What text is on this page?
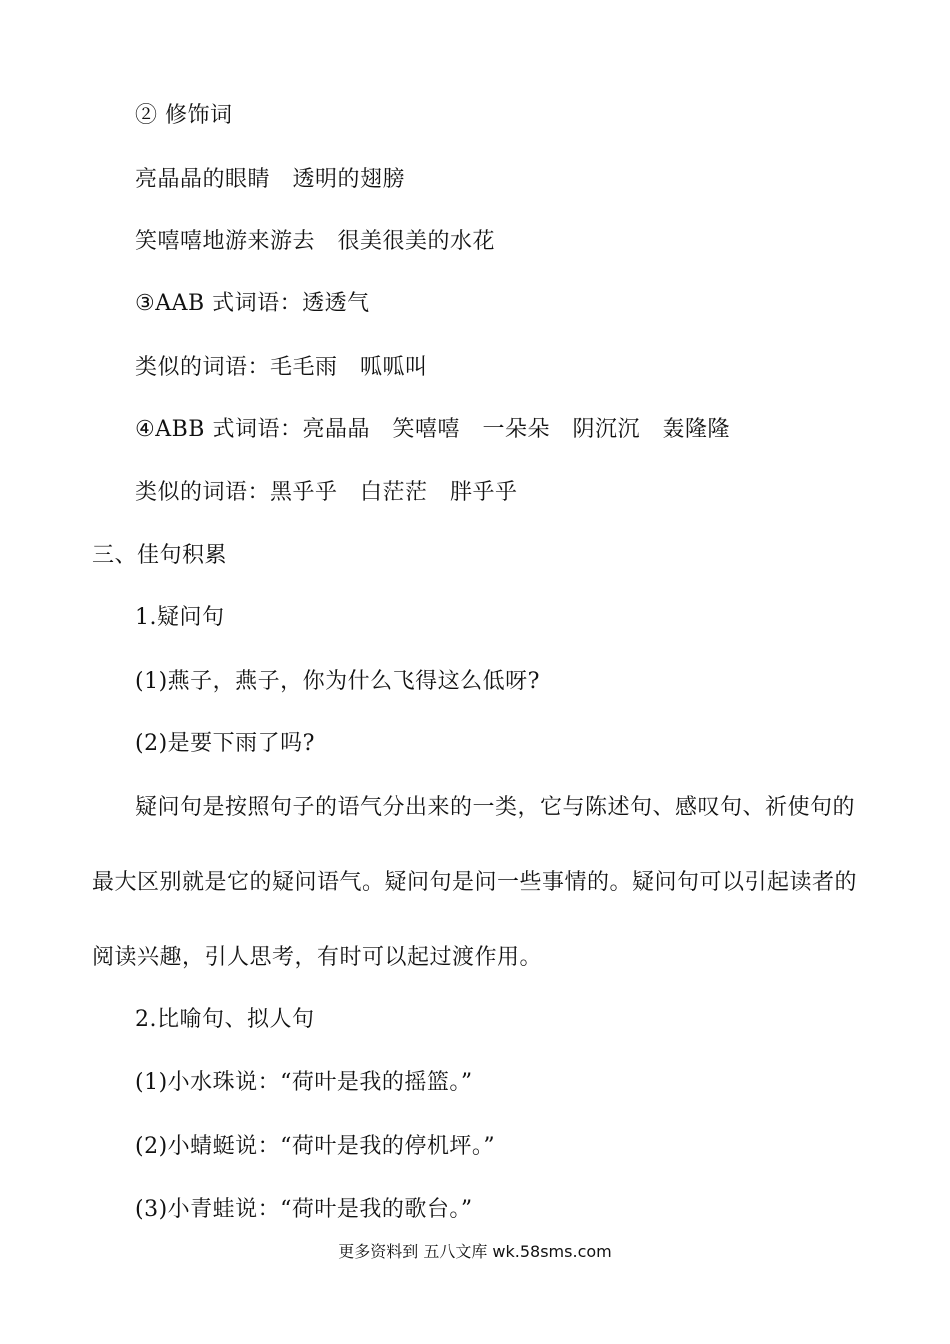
② 修饰词
亮晶晶的眼睛　透明的翅膀
笑嘻嘻地游来游去　很美很美的水花
③AAB 式词语：透透气
类似的词语：毛毛雨　呱呱叫
④ABB 式词语：亮晶晶　笑嘻嘻　一朵朵　阴沉沉　轰隆隆
类似的词语：黑乎乎　白茫茫　胖乎乎
三、佳句积累
1.疑问句
(1)燕子，燕子，你为什么飞得这么低呀?
(2)是要下雨了吗?
疑问句是按照句子的语气分出来的一类，它与陈述句、感叹句、祈使句的
最大区别就是它的疑问语气。疑问句是问一些事情的。疑问句可以引起读者的
阅读兴趣，引人思考，有时可以起过渡作用。
2.比喻句、拟人句
(1)小水珠说：“荷叶是我的摇篮。”
(2)小蜻蜓说：“荷叶是我的停机坪。”
(3)小青蛙说：“荷叶是我的歌台。”
更多资料到 五八文库 wk.58sms.com
